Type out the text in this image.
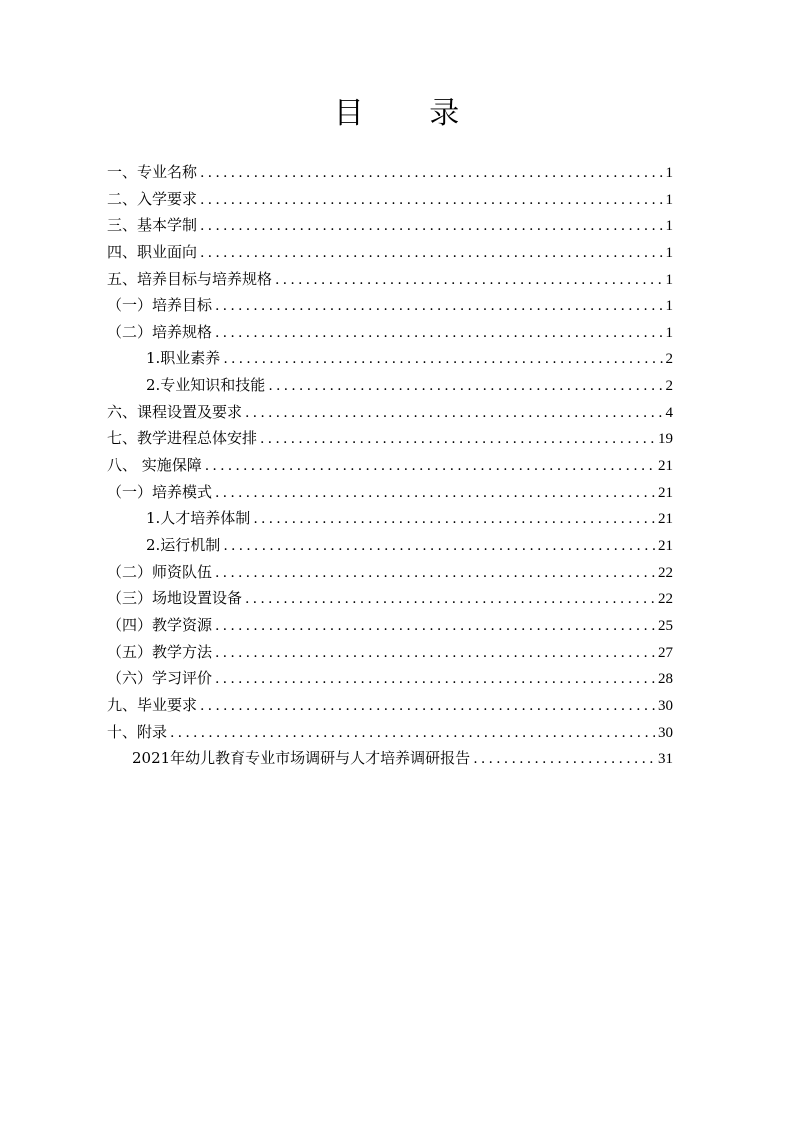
目 录
一、专业名称 .....	1
二、入学要求 .....	1
三、基本学制 .....	1
四、职业面向 .....	1
五、培养目标与培养规格 .....	1
（一）培养目标 .....	1
（二）培养规格 .....	1
1.职业素养 .....	2
2.专业知识和技能 .....	2
六、课程设置及要求 .....	4
七、教学进程总体安排 .....	19
八、 实施保障 .....	21
（一）培养模式 .....	21
1.人才培养体制 .....	21
2.运行机制 .....	21
（二）师资队伍 .....	22
（三）场地设置设备 .....	22
（四）教学资源 .....	25
（五）教学方法 .....	27
（六）学习评价 .....	28
九、毕业要求 .....	30
十、附录 .....	30
2021年幼儿教育专业市场调研与人才培养调研报告 .....	31
